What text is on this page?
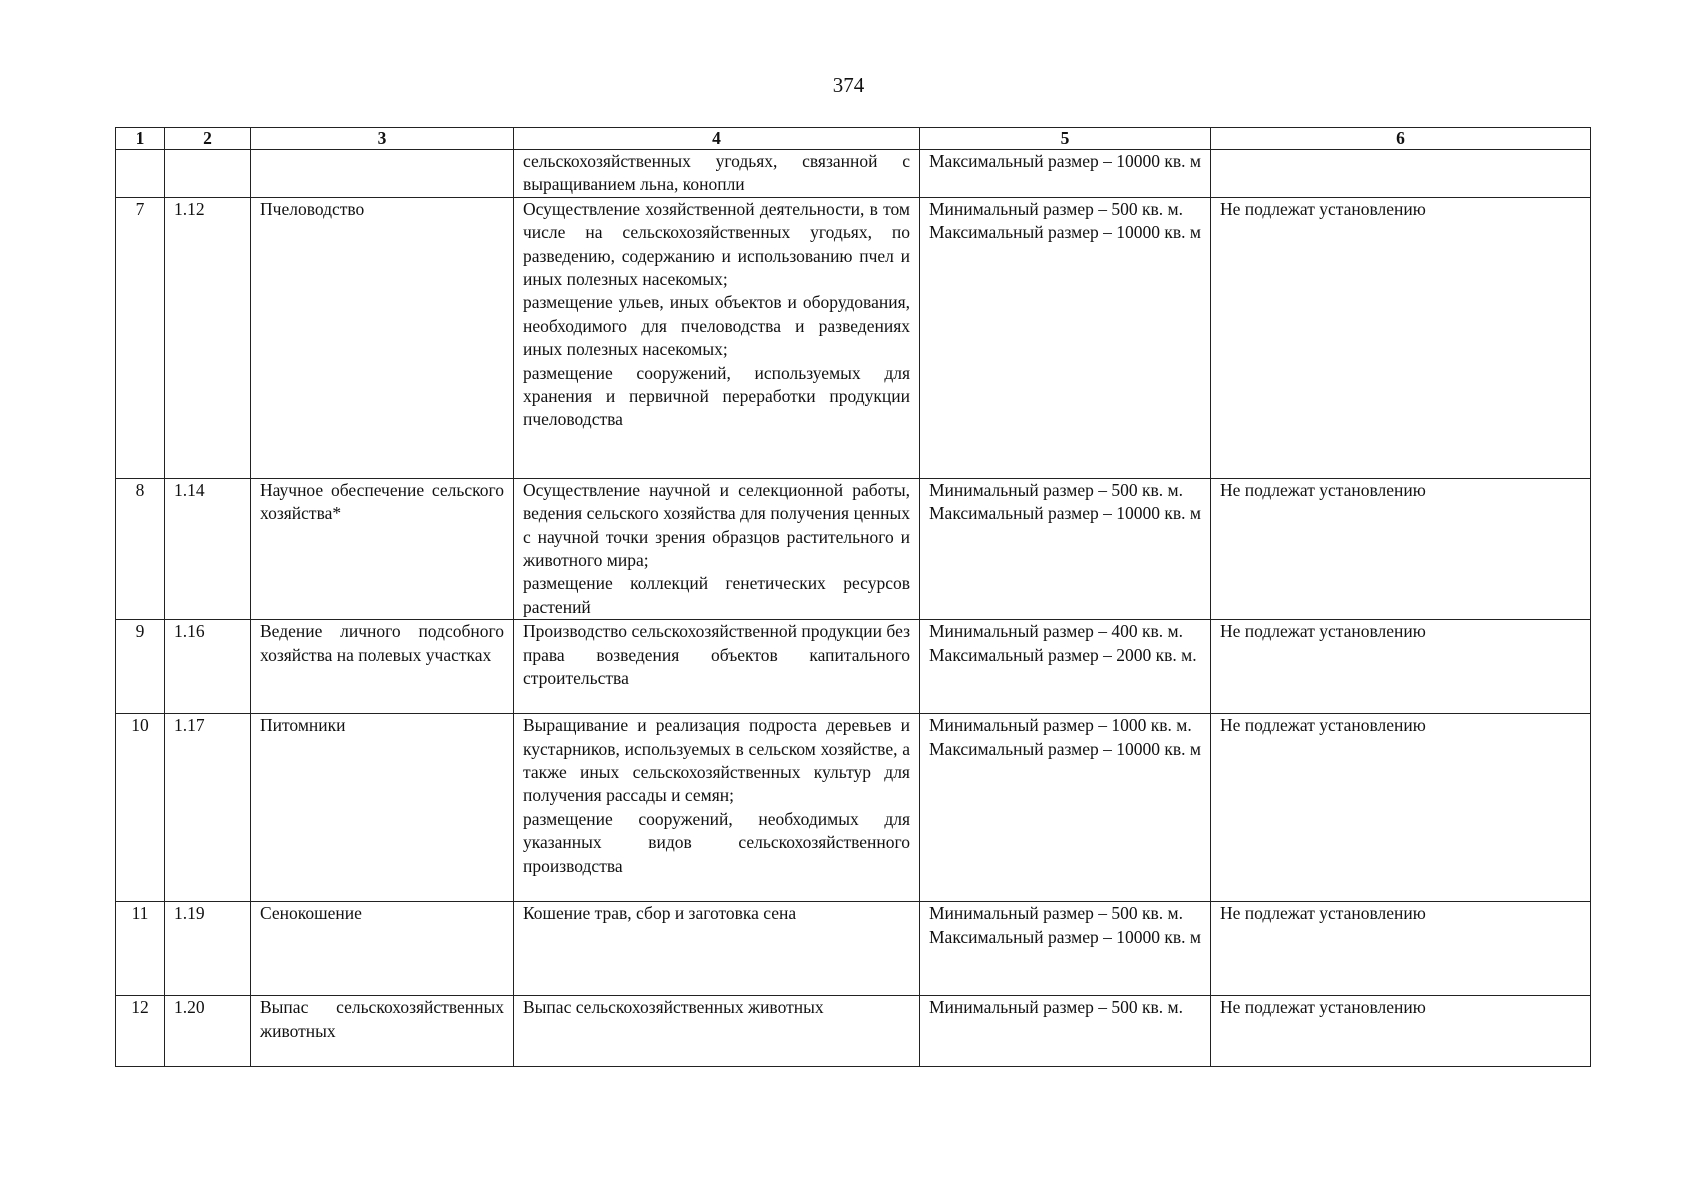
374
1	2	3	4	5	6

			сельскохозяйственных угодьях, связанной с выращиванием льна, конопли	Максимальный размер – 10000 кв. м	

7	1.12	Пчеловодство	Осуществление хозяйственной деятельности, в том числе на сельскохозяйственных угодьях, по разведению, содержанию и использованию пчел и иных полезных насекомых;
размещение ульев, иных объектов и оборудования, необходимого для пчеловодства и разведениях иных полезных насекомых;
размещение сооружений, используемых для хранения и первичной переработки продукции пчеловодства	Минимальный размер – 500 кв. м.
Максимальный размер – 10000 кв. м	Не подлежат установлению
8	1.14	Научное обеспечение сельского хозяйства*	Осуществление научной и селекционной работы, ведения сельского хозяйства для получения ценных с научной точки зрения образцов растительного и животного мира;
размещение коллекций генетических ресурсов растений	Минимальный размер – 500 кв. м.
Максимальный размер – 10000 кв. м	Не подлежат установлению
9	1.16	Ведение личного подсобного хозяйства на полевых участках	Производство сельскохозяйственной продукции без права возведения объектов капитального строительства	Минимальный размер – 400 кв. м.
Максимальный размер – 2000 кв. м.	Не подлежат установлению
10	1.17	Питомники	Выращивание и реализация подроста деревьев и кустарников, используемых в сельском хозяйстве, а также иных сельскохозяйственных культур для получения рассады и семян;
размещение сооружений, необходимых для указанных видов сельскохозяйственного производства	Минимальный размер – 1000 кв. м.
Максимальный размер – 10000 кв. м	Не подлежат установлению
11	1.19	Сенокошение	Кошение трав, сбор и заготовка сена	Минимальный размер – 500 кв. м.
Максимальный размер – 10000 кв. м	Не подлежат установлению
12	1.20	Выпас сельскохозяйственных животных	Выпас сельскохозяйственных животных	Минимальный размер – 500 кв. м.	Не подлежат установлению
